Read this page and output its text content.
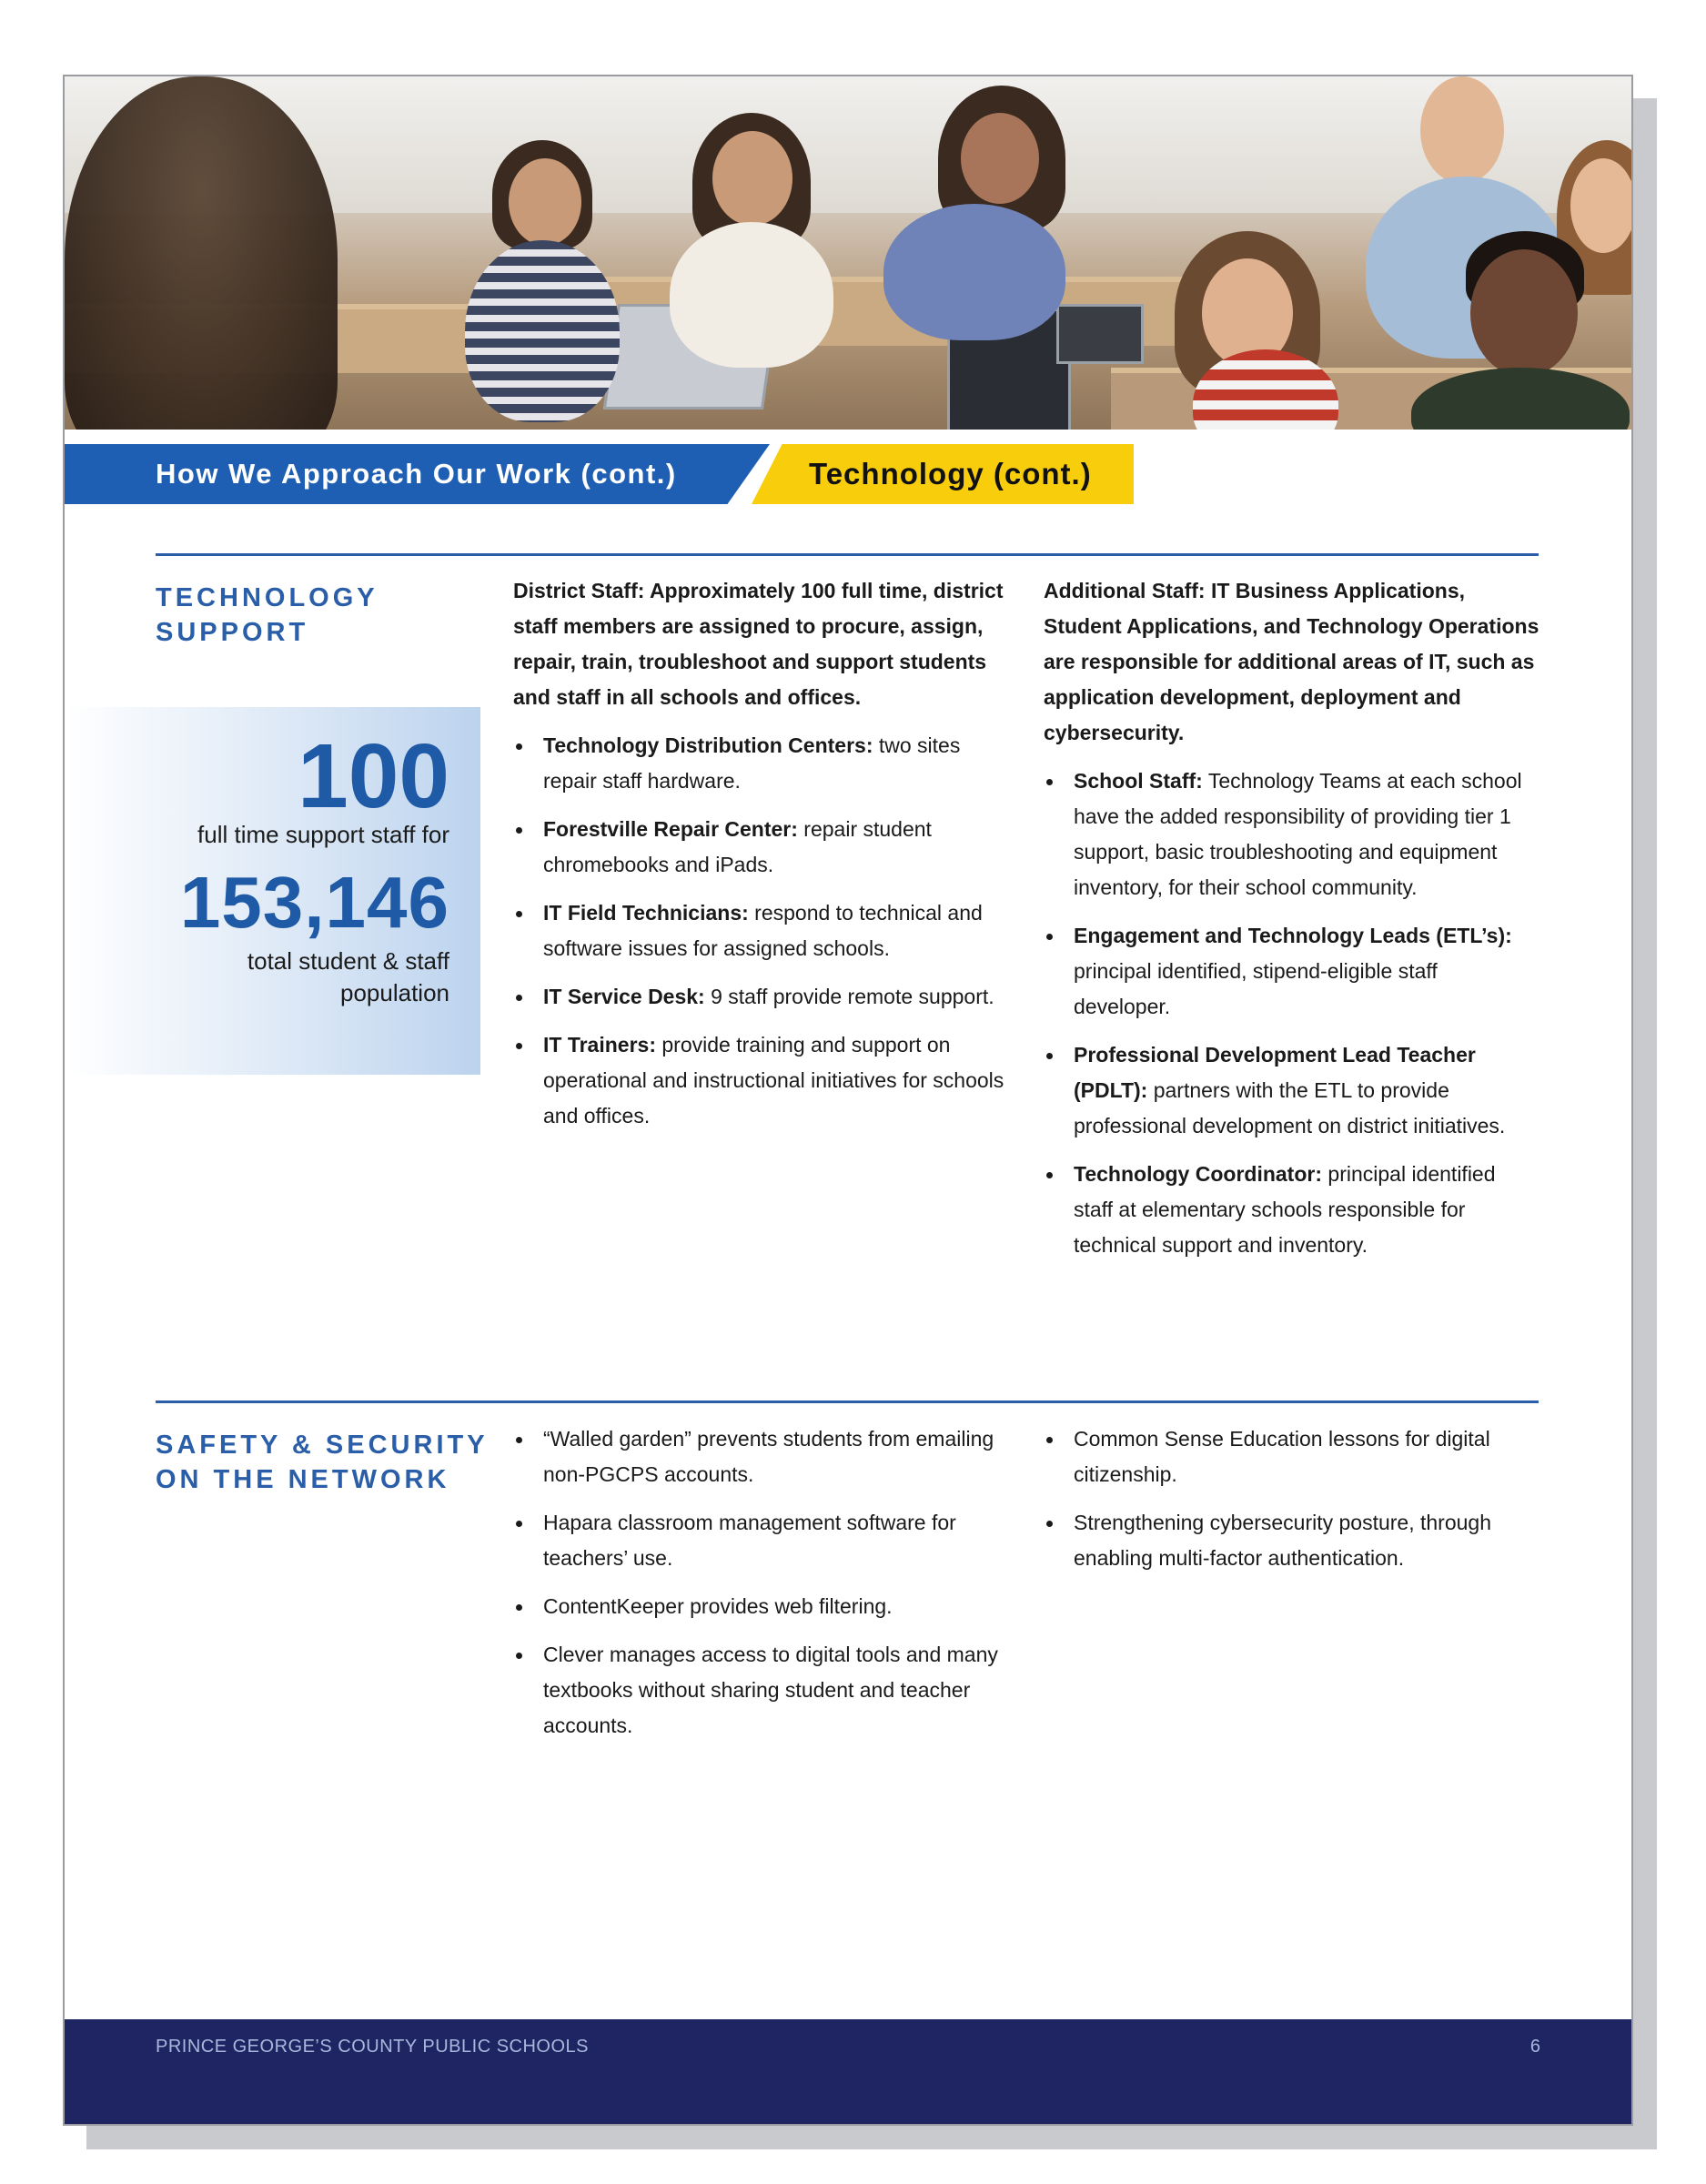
How We Approach Our Work (cont.)	Technology (cont.)
TECHNOLOGY
SUPPORT
100
full time support staff for
153,146
total student & staff population

District Staff: Approximately 100 full time, district staff members are assigned to procure, assign, repair, train, troubleshoot and support students and staff in all schools and offices.

Technology Distribution Centers: two sites repair staff hardware.
Forestville Repair Center: repair student chromebooks and iPads.
IT Field Technicians: respond to technical and software issues for assigned schools.
IT Service Desk: 9 staff provide remote support.
IT Trainers: provide training and support on operational and instructional initiatives for schools and offices.

Additional Staff: IT Business Applications, Student Applications, and Technology Operations are responsible for additional areas of IT, such as application development, deployment and cybersecurity.

School Staff: Technology Teams at each school have the added responsibility of providing tier 1 support, basic troubleshooting and equipment inventory, for their school community.
Engagement and Technology Leads (ETL’s): principal identified, stipend-eligible staff developer.
Professional Development Lead Teacher (PDLT): partners with the ETL to provide professional development on district initiatives.
Technology Coordinator: principal identified staff at elementary schools responsible for technical support and inventory.
SAFETY & SECURITY
ON THE NETWORK
“Walled garden” prevents students from emailing non-PGCPS accounts.
Hapara classroom management software for teachers’ use.
ContentKeeper provides web filtering.
Clever manages access to digital tools and many textbooks without sharing student and teacher accounts.
Common Sense Education lessons for digital citizenship.
Strengthening cybersecurity posture, through enabling multi-factor authentication.
PRINCE GEORGE’S COUNTY PUBLIC SCHOOLS	6
